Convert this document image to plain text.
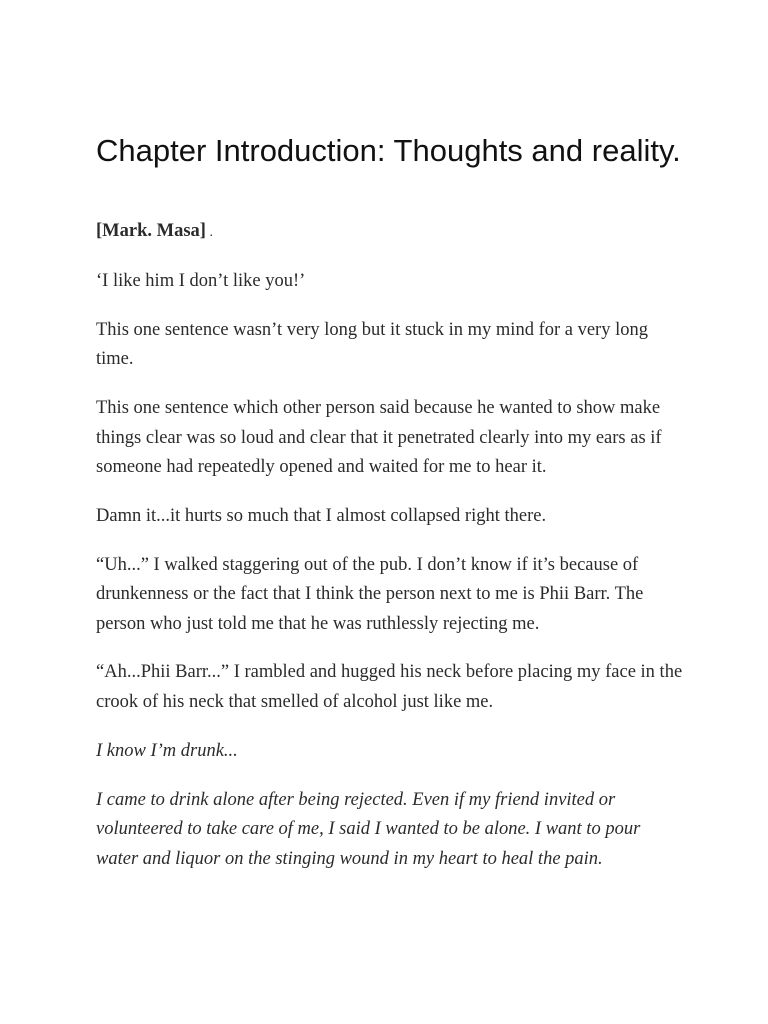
Chapter Introduction: Thoughts and reality.

[Mark. Masa] .

‘I like him I don’t like you!’

This one sentence wasn’t very long but it stuck in my mind for a very long time.

This one sentence which other person said because he wanted to show make things clear was so loud and clear that it penetrated clearly into my ears as if someone had repeatedly opened and waited for me to hear it.

Damn it...it hurts so much that I almost collapsed right there.

“Uh...” I walked staggering out of the pub. I don’t know if it’s because of drunkenness or the fact that I think the person next to me is Phii Barr. The person who just told me that he was ruthlessly rejecting me.

“Ah...Phii Barr...” I rambled and hugged his neck before placing my face in the crook of his neck that smelled of alcohol just like me.

I know I’m drunk...

I came to drink alone after being rejected. Even if my friend invited or volunteered to take care of me, I said I wanted to be alone. I want to pour water and liquor on the stinging wound in my heart to heal the pain.
